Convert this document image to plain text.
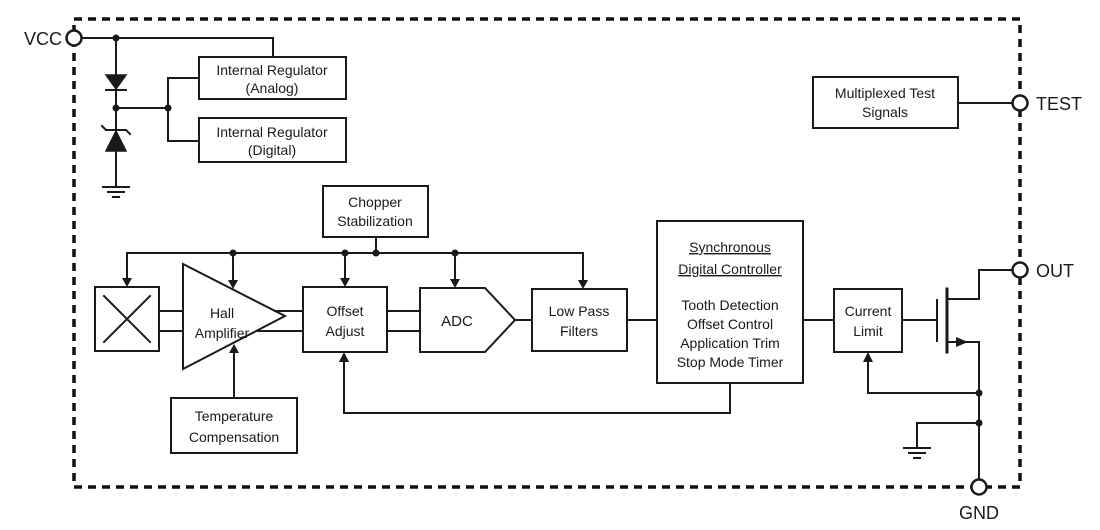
Internal Regulator
(Analog)
Internal Regulator
(Digital)
Multiplexed Test
Signals
Chopper
Stabilization
Hall
Amplifier
Offset
Adjust
ADC
Low Pass
Filters
Synchronous
Digital Controller
Tooth Detection
Offset Control
Application Trim
Stop Mode Timer
Current
Limit
Temperature
Compensation
VCC
TEST
OUT
GND
